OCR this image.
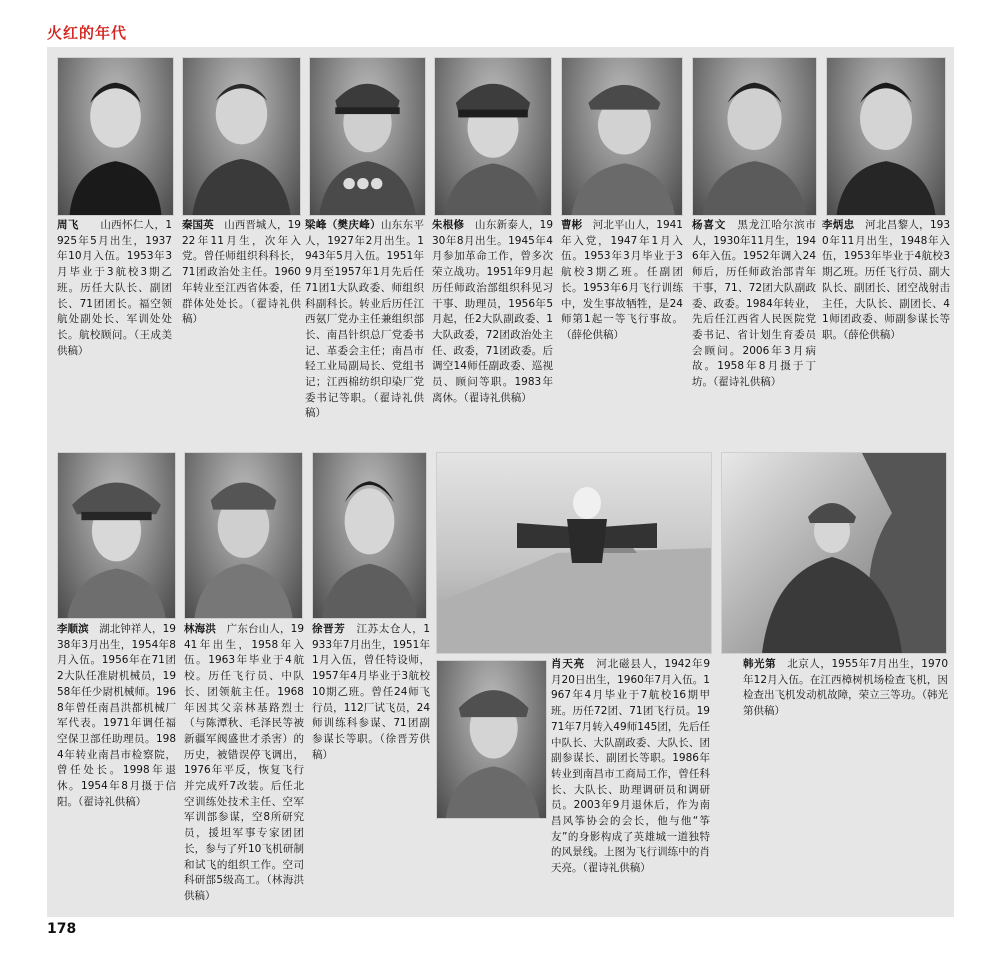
火红的年代
周飞　　山西怀仁人，1925年5月出生，1937年10月入伍。1953年3月毕业于3航校3期乙班。历任大队长、副团长、71团团长。福空领航处副处长、军训处处长。航校顾问。（王成美供稿）
秦国英　山西晋城人，1922年11月生，次年入党。曾任师组织科科长，71团政治处主任。1960年转业至江西省体委，任群体处处长。（翟诗礼供稿）
梁峰（樊庆峰）山东东平人，1927年2月出生。1943年5月入伍。1951年9月至1957年1月先后任71团1大队政委、师组织科副科长。转业后历任江西氨厂党办主任兼组织部长、南昌针织总厂党委书记、革委会主任；南昌市轻工业局副局长、党组书记；江西棉纺织印染厂党委书记等职。（翟诗礼供稿）
朱根修　山东新泰人，1930年8月出生。1945年4月参加革命工作，曾多次荣立战功。1951年9月起历任师政治部组织科见习干事、助理员，1956年5月起，任2大队副政委、1大队政委，72团政治处主任、政委，71团政委。后调空14师任副政委、巡视员、顾问等职。1983年离休。（翟诗礼供稿）
曹彬　河北平山人，1941年入党，1947年1月入伍。1953年3月毕业于3航校3期乙班。任副团长。1953年6月飞行训练中，发生事故牺牲，是24师第1起一等飞行事故。（薛伦供稿）
杨喜文　黑龙江哈尔滨市人，1930年11月生，1946年入伍。1952年调入24师后，历任师政治部青年干事，71、72团大队副政委、政委。1984年转业，先后任江西省人民医院党委书记、省计划生育委员会顾问。2006年3月病故。1958年8月摄于丁坊。（翟诗礼供稿）
李炳忠　河北昌黎人，1930年11月出生，1948年入伍，1953年毕业于4航校3期乙班。历任飞行员、副大队长、副团长、团空战射击主任，大队长、副团长、41师团政委、师副参谋长等职。（薛伦供稿）
李顺滨　湖北钟祥人，1938年3月出生，1954年8月入伍。1956年在71团2大队任准尉机械员，1958年任少尉机械师。1968年曾任南昌洪都机械厂军代表。1971年调任福空保卫部任助理员。1984年转业南昌市检察院，曾任处长。1998年退休。1954年8月摄于信阳。（翟诗礼供稿）
林海洪　广东台山人，1941年出生，1958年入伍。1963年毕业于4航校。历任飞行员、中队长、团领航主任。1968年因其父亲林基路烈士（与陈潭秋、毛泽民等被新疆军阀盛世才杀害）的历史，被错误停飞调出，1976年平反，恢复飞行并完成歼7改装。后任北空训练处技术主任、空军军训部参谋，空8所研究员，援坦军事专家团团长，参与了歼10飞机研制和试飞的组织工作。空司科研部5级高工。（林海洪供稿）
徐晋芳　江苏太仓人，1933年7月出生，1951年1月入伍，曾任特设师，1957年4月毕业于3航校10期乙班。曾任24师飞行员，112厂试飞员，24师训练科参谋、71团副参谋长等职。（徐晋芳供稿）
肖天亮　河北磁县人，1942年9月20日出生，1960年7月入伍。1967年4月毕业于7航校16期甲班。历任72团、71团飞行员。1971年7月转入49师145团，先后任中队长、大队副政委、大队长、团副参谋长、副团长等职。1986年转业到南昌市工商局工作，曾任科长、大队长、助理调研员和调研员。2003年9月退休后，作为南昌风筝协会的会长，他与他“筝友”的身影构成了英雄城一道独特的风景线。上图为飞行训练中的肖天亮。（翟诗礼供稿）
韩光第　北京人，1955年7月出生，1970年12月入伍。在江西樟树机场检查飞机，因检查出飞机发动机故障，荣立三等功。（韩光第供稿）
178
